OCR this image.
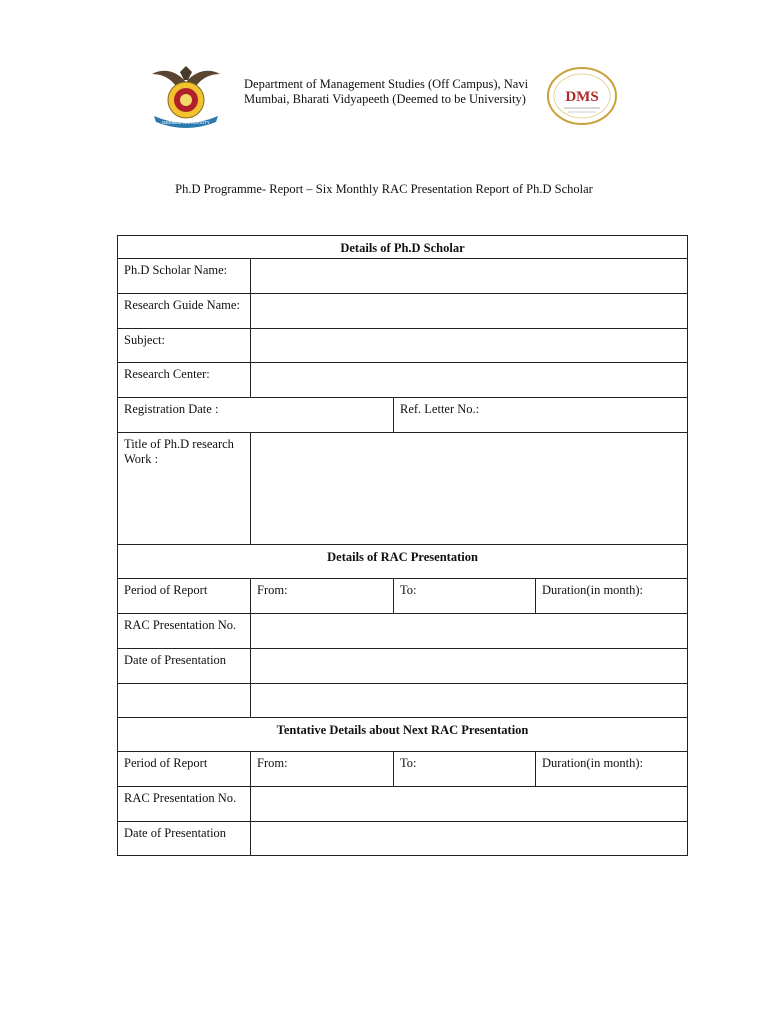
DEEMED UNIVERSITY
Department of Management Studies (Off Campus), Navi
Mumbai, Bharati Vidyapeeth (Deemed to be University)	DMS
Ph.D Programme- Report – Six Monthly RAC Presentation Report of Ph.D Scholar
Details of Ph.D Scholar			
Ph.D Scholar Name:			
Research Guide Name:			
Subject:			
Research Center:			
Registration Date :		Ref. Letter No.:	
Title of Ph.D research Work :			
Details of RAC Presentation			
Period of Report	From:	To:	Duration(in month):
RAC Presentation No.			
Date of Presentation			

Tentative Details about Next RAC Presentation			
Period of Report	From:	To:	Duration(in month):
RAC Presentation No.			
Date of Presentation			
